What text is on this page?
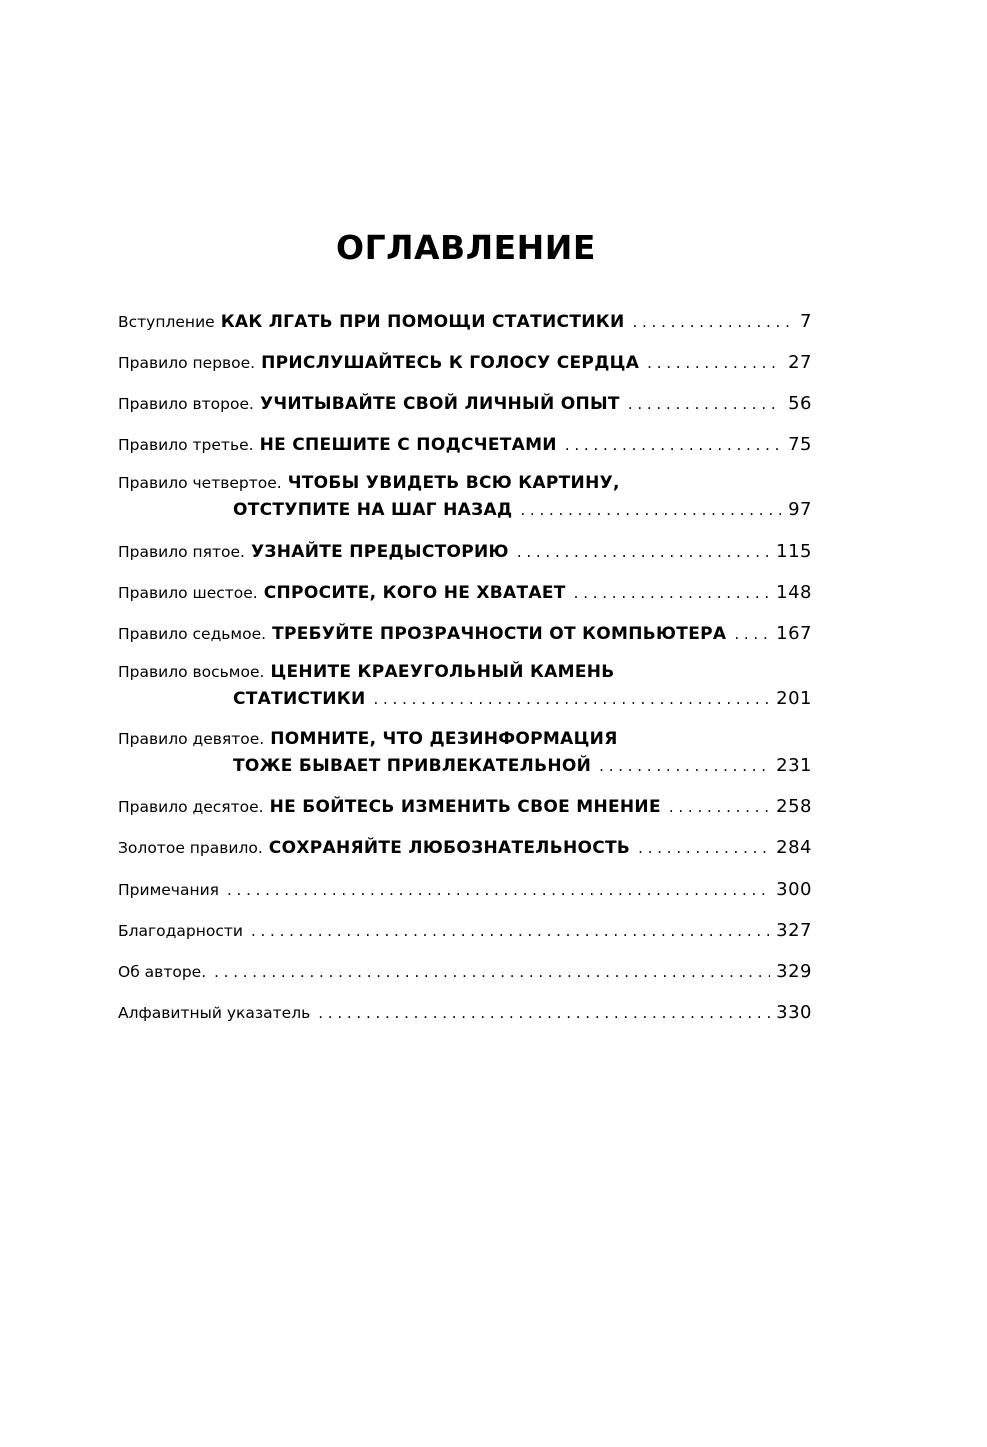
ОГЛАВЛЕНИЕ
Вступление КАК ЛГАТЬ ПРИ ПОМОЩИ СТАТИСТИКИ . . .	7
Правило первое. ПРИСЛУШАЙТЕСЬ К ГОЛОСУ СЕРДЦА . . .	27
Правило второе. УЧИТЫВАЙТЕ СВОЙ ЛИЧНЫЙ ОПЫТ . . .	56
Правило третье. НЕ СПЕШИТЕ С ПОДСЧЕТАМИ . . .	75
Правило четвертое. ЧТОБЫ УВИДЕТЬ ВСЮ КАРТИНУ,
ОТСТУПИТЕ НА ШАГ НАЗАД . . .	97
Правило пятое. УЗНАЙТЕ ПРЕДЫСТОРИЮ . . .	115
Правило шестое. СПРОСИТЕ, КОГО НЕ ХВАТАЕТ . . .	148
Правило седьмое. ТРЕБУЙТЕ ПРОЗРАЧНОСТИ ОТ КОМПЬЮТЕРА . . .	167
Правило восьмое. ЦЕНИТЕ КРАЕУГОЛЬНЫЙ КАМЕНЬ
СТАТИСТИКИ . . .	201
Правило девятое. ПОМНИТЕ, ЧТО ДЕЗИНФОРМАЦИЯ
ТОЖЕ БЫВАЕТ ПРИВЛЕКАТЕЛЬНОЙ . . .	231
Правило десятое. НЕ БОЙТЕСЬ ИЗМЕНИТЬ СВОЕ МНЕНИЕ . . .	258
Золотое правило. СОХРАНЯЙТЕ ЛЮБОЗНАТЕЛЬНОСТЬ . . .	284
Примечания . . .	300
Благодарности . . .	327
Об авторе. . . .	329
Алфавитный указатель . . .	330
